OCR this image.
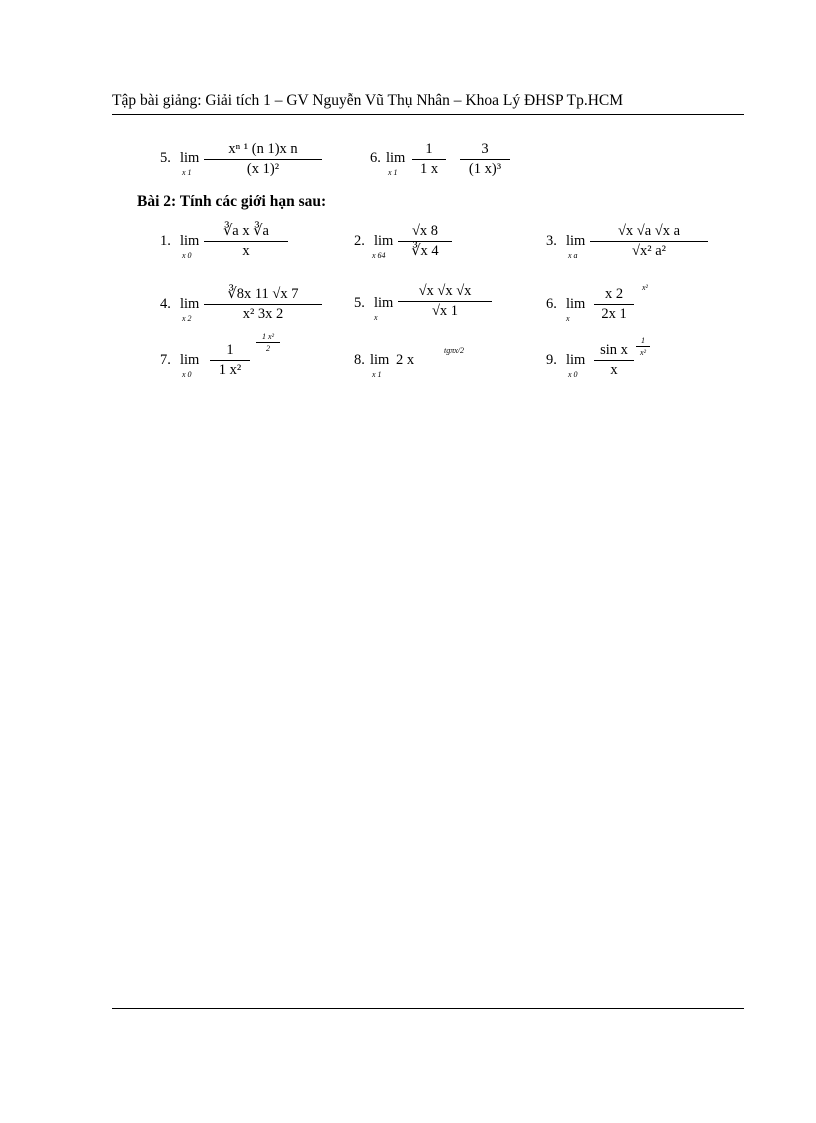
Tập bài giảng: Giải tích 1 – GV Nguyễn Vũ Thụ Nhân – Khoa Lý ĐHSP Tp.HCM
5. lim
x 1
xⁿ ¹ (n 1)x n
(x 1)²
6. lim
x 1
1
1 x
3
(1 x)³
Bài 2: Tính các giới hạn sau:
1. lim
x 0
∛a x ∛a
x
2. lim
x 64
√x 8
∛x 4
3. lim
x a
√x √a √x a
√x² a²
4. lim
x 2
∛8x 11 √x 7
x² 3x 2
5. lim
x
√x √x √x
√x 1	6. lim
x
x 2
2x 1
x²
7. lim
x 0
1
1 x²
1 x²
2
8. lim
x 1
2 x
tgπx/2
9. lim
x 0
sin x
x
1
x²
